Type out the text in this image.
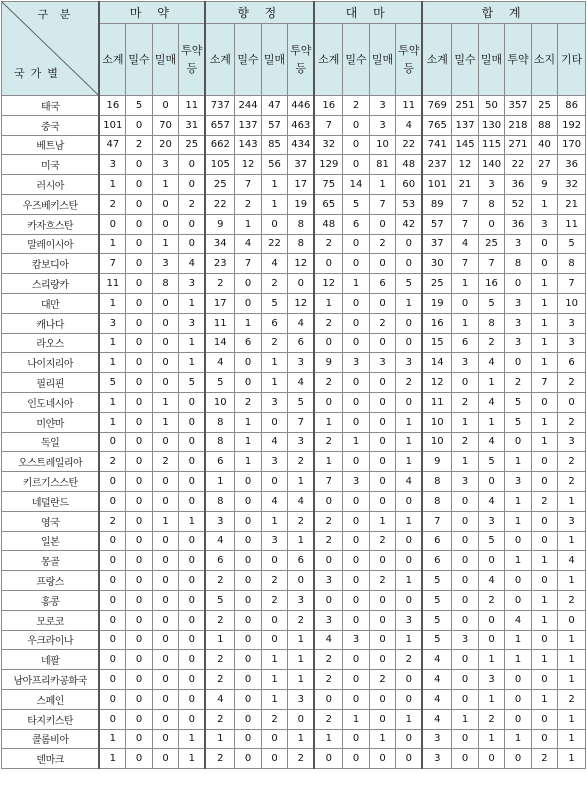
구 분
국가별	마 약				향 정				대 마				합 계					
	소계	밀수	밀매	투약등	소계	밀수	밀매	투약등	소계	밀수	밀매	투약등	소계	밀수	밀매	투약	소지	기타
태국	16	5	0	11	737	244	47	446	16	2	3	11	769	251	50	357	25	86
중국	101	0	70	31	657	137	57	463	7	0	3	4	765	137	130	218	88	192
베트남	47	2	20	25	662	143	85	434	32	0	10	22	741	145	115	271	40	170
미국	3	0	3	0	105	12	56	37	129	0	81	48	237	12	140	22	27	36
러시아	1	0	1	0	25	7	1	17	75	14	1	60	101	21	3	36	9	32
우즈베키스탄	2	0	0	2	22	2	1	19	65	5	7	53	89	7	8	52	1	21
카자흐스탄	0	0	0	0	9	1	0	8	48	6	0	42	57	7	0	36	3	11
말레이시아	1	0	1	0	34	4	22	8	2	0	2	0	37	4	25	3	0	5
캄보디아	7	0	3	4	23	7	4	12	0	0	0	0	30	7	7	8	0	8
스리랑카	11	0	8	3	2	0	2	0	12	1	6	5	25	1	16	0	1	7
대만	1	0	0	1	17	0	5	12	1	0	0	1	19	0	5	3	1	10
캐나다	3	0	0	3	11	1	6	4	2	0	2	0	16	1	8	3	1	3
라오스	1	0	0	1	14	6	2	6	0	0	0	0	15	6	2	3	1	3
나이지리아	1	0	0	1	4	0	1	3	9	3	3	3	14	3	4	0	1	6
필리핀	5	0	0	5	5	0	1	4	2	0	0	2	12	0	1	2	7	2
인도네시아	1	0	1	0	10	2	3	5	0	0	0	0	11	2	4	5	0	0
미얀마	1	0	1	0	8	1	0	7	1	0	0	1	10	1	1	5	1	2
독일	0	0	0	0	8	1	4	3	2	1	0	1	10	2	4	0	1	3
오스트레일리아	2	0	2	0	6	1	3	2	1	0	0	1	9	1	5	1	0	2
키르기스스탄	0	0	0	0	1	0	0	1	7	3	0	4	8	3	0	3	0	2
네덜란드	0	0	0	0	8	0	4	4	0	0	0	0	8	0	4	1	2	1
영국	2	0	1	1	3	0	1	2	2	0	1	1	7	0	3	1	0	3
일본	0	0	0	0	4	0	3	1	2	0	2	0	6	0	5	0	0	1
몽골	0	0	0	0	6	0	0	6	0	0	0	0	6	0	0	1	1	4
프랑스	0	0	0	0	2	0	2	0	3	0	2	1	5	0	4	0	0	1
홍콩	0	0	0	0	5	0	2	3	0	0	0	0	5	0	2	0	1	2
모로코	0	0	0	0	2	0	0	2	3	0	0	3	5	0	0	4	1	0
우크라이나	0	0	0	0	1	0	0	1	4	3	0	1	5	3	0	1	0	1
네팔	0	0	0	0	2	0	1	1	2	0	0	2	4	0	1	1	1	1
남아프리카공화국	0	0	0	0	2	0	1	1	2	0	2	0	4	0	3	0	0	1
스페인	0	0	0	0	4	0	1	3	0	0	0	0	4	0	1	0	1	2
타지키스탄	0	0	0	0	2	0	2	0	2	1	0	1	4	1	2	0	0	1
콜롬비아	1	0	0	1	1	0	0	1	1	0	1	0	3	0	1	1	0	1
덴마크	1	0	0	1	2	0	0	2	0	0	0	0	3	0	0	0	2	1
